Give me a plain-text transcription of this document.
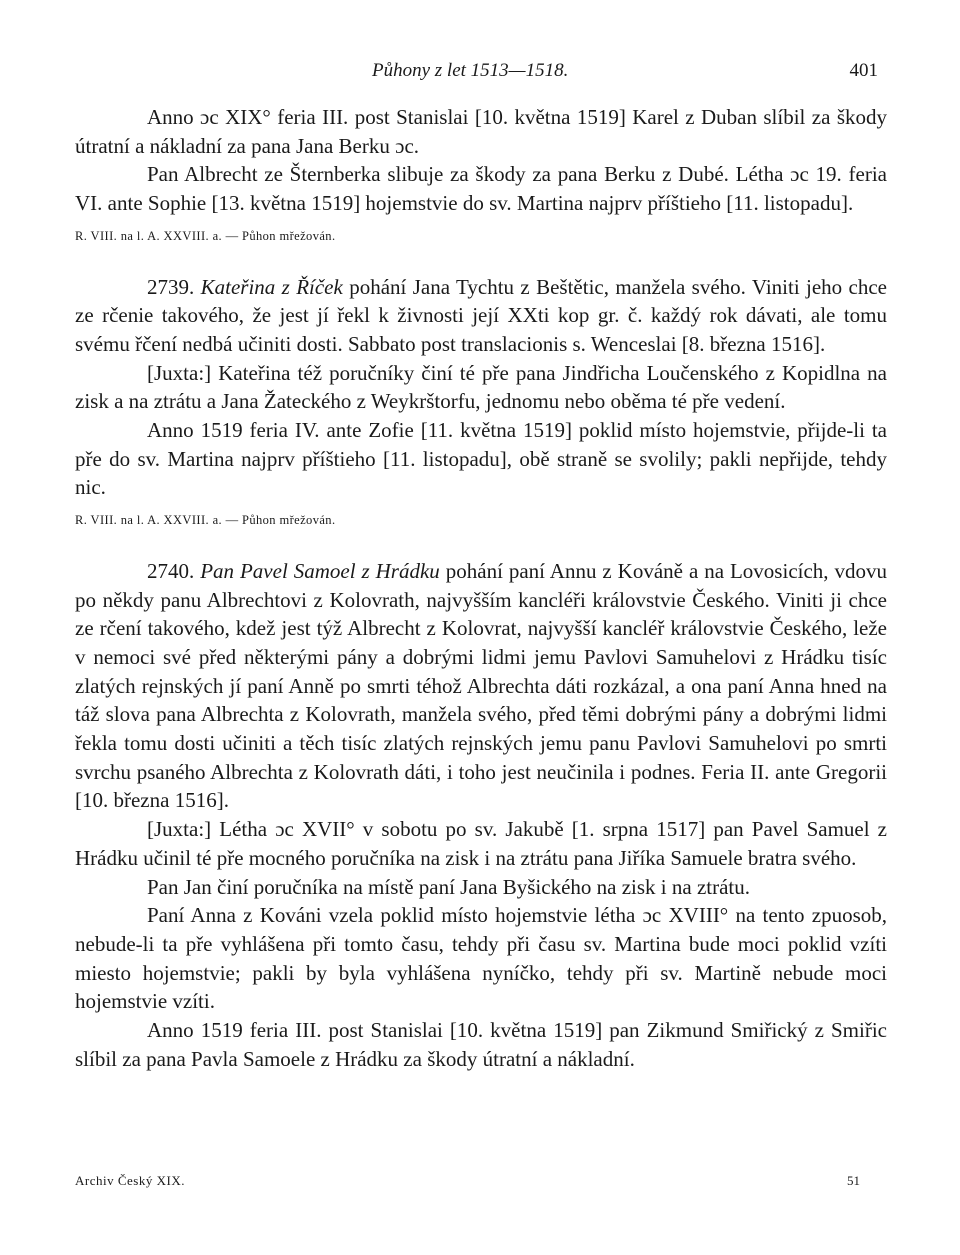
Půhony z let 1513—1518.	401

Anno ɔc XIX° feria III. post Stanislai [10. května 1519] Karel z Duban slíbil za škody útratní a nákladní za pana Jana Berku ɔc.

Pan Albrecht ze Šternberka slibuje za škody za pana Berku z Dubé. Létha ɔc 19. feria VI. ante Sophie [13. května 1519] hojemstvie do sv. Martina najprv příštieho [11. listopadu].

R. VIII. na l. A. XXVIII. a. — Půhon mřežován.

2739. Kateřina z Říček pohání Jana Tychtu z Beštětic, manžela svého. Viniti jeho chce ze rčenie takového, že jest jí řekl k živnosti její XXti kop gr. č. každý rok dávati, ale tomu svému řčení nedbá učiniti dosti. Sabbato post translacionis s. Wenceslai [8. března 1516].

[Juxta:] Kateřina též poručníky činí té pře pana Jindřicha Loučenského z Kopidlna na zisk a na ztrátu a Jana Žateckého z Weykrštorfu, jednomu nebo oběma té pře vedení.

Anno 1519 feria IV. ante Zofie [11. května 1519] poklid místo hojemstvie, přijde-li ta pře do sv. Martina najprv příštieho [11. listopadu], obě straně se svolily; pakli nepřijde, tehdy nic.

R. VIII. na l. A. XXVIII. a. — Půhon mřežován.

2740. Pan Pavel Samoel z Hrádku pohání paní Annu z Kováně a na Lovosicích, vdovu po někdy panu Albrechtovi z Kolovrath, najvyšším kancléři královstvie Českého. Viniti ji chce ze rčení takového, kdež jest týž Albrecht z Kolovrat, najvyšší kancléř královstvie Českého, leže v nemoci své před některými pány a dobrými lidmi jemu Pavlovi Samuhelovi z Hrádku tisíc zlatých rejnských jí paní Anně po smrti téhož Albrechta dáti rozkázal, a ona paní Anna hned na táž slova pana Albrechta z Kolovrath, manžela svého, před těmi dobrými pány a dobrými lidmi řekla tomu dosti učiniti a těch tisíc zlatých rejnských jemu panu Pavlovi Samuhelovi po smrti svrchu psaného Albrechta z Kolovrath dáti, i toho jest neučinila i podnes. Feria II. ante Gregorii [10. března 1516].

[Juxta:] Létha ɔc XVII° v sobotu po sv. Jakubě [1. srpna 1517] pan Pavel Samuel z Hrádku učinil té pře mocného poručníka na zisk i na ztrátu pana Jiříka Samuele bratra svého.

Pan Jan činí poručníka na místě paní Jana Byšického na zisk i na ztrátu.

Paní Anna z Kováni vzela poklid místo hojemstvie létha ɔc XVIII° na tento zpuosob, nebude-li ta pře vyhlášena při tomto času, tehdy při času sv. Martina bude moci poklid vzíti miesto hojemstvie; pakli by byla vyhlášena nyníčko, tehdy při sv. Martině nebude moci hojemstvie vzíti.

Anno 1519 feria III. post Stanislai [10. května 1519] pan Zikmund Smiřický z Smiřic slíbil za pana Pavla Samoele z Hrádku za škody útratní a nákladní.

Archiv Český XIX.	51
